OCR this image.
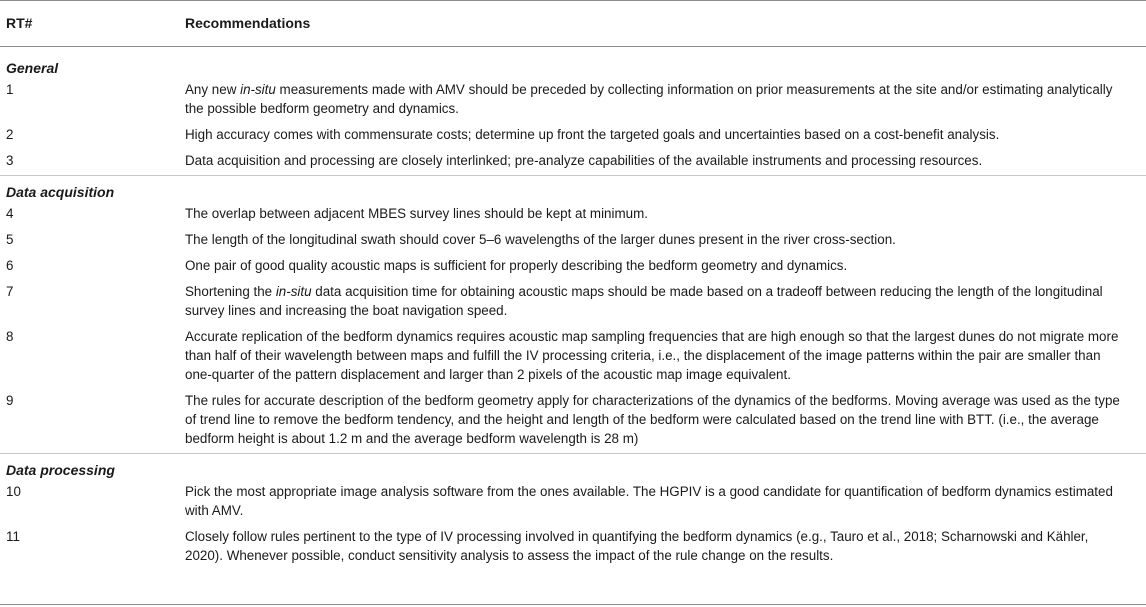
RT#	Recommendations
General
1	Any new in-situ measurements made with AMV should be preceded by collecting information on prior measurements at the site and/or estimating analytically the possible bedform geometry and dynamics.
2	High accuracy comes with commensurate costs; determine up front the targeted goals and uncertainties based on a cost-benefit analysis.
3	Data acquisition and processing are closely interlinked; pre-analyze capabilities of the available instruments and processing resources.
Data acquisition
4	The overlap between adjacent MBES survey lines should be kept at minimum.
5	The length of the longitudinal swath should cover 5–6 wavelengths of the larger dunes present in the river cross-section.
6	One pair of good quality acoustic maps is sufficient for properly describing the bedform geometry and dynamics.
7	Shortening the in-situ data acquisition time for obtaining acoustic maps should be made based on a tradeoff between reducing the length of the longitudinal survey lines and increasing the boat navigation speed.
8	Accurate replication of the bedform dynamics requires acoustic map sampling frequencies that are high enough so that the largest dunes do not migrate more than half of their wavelength between maps and fulfill the IV processing criteria, i.e., the displacement of the image patterns within the pair are smaller than one-quarter of the pattern displacement and larger than 2 pixels of the acoustic map image equivalent.
9	The rules for accurate description of the bedform geometry apply for characterizations of the dynamics of the bedforms. Moving average was used as the type of trend line to remove the bedform tendency, and the height and length of the bedform were calculated based on the trend line with BTT. (i.e., the average bedform height is about 1.2 m and the average bedform wavelength is 28 m)
Data processing
10	Pick the most appropriate image analysis software from the ones available. The HGPIV is a good candidate for quantification of bedform dynamics estimated with AMV.
11	Closely follow rules pertinent to the type of IV processing involved in quantifying the bedform dynamics (e.g., Tauro et al., 2018; Scharnowski and Kähler, 2020). Whenever possible, conduct sensitivity analysis to assess the impact of the rule change on the results.
